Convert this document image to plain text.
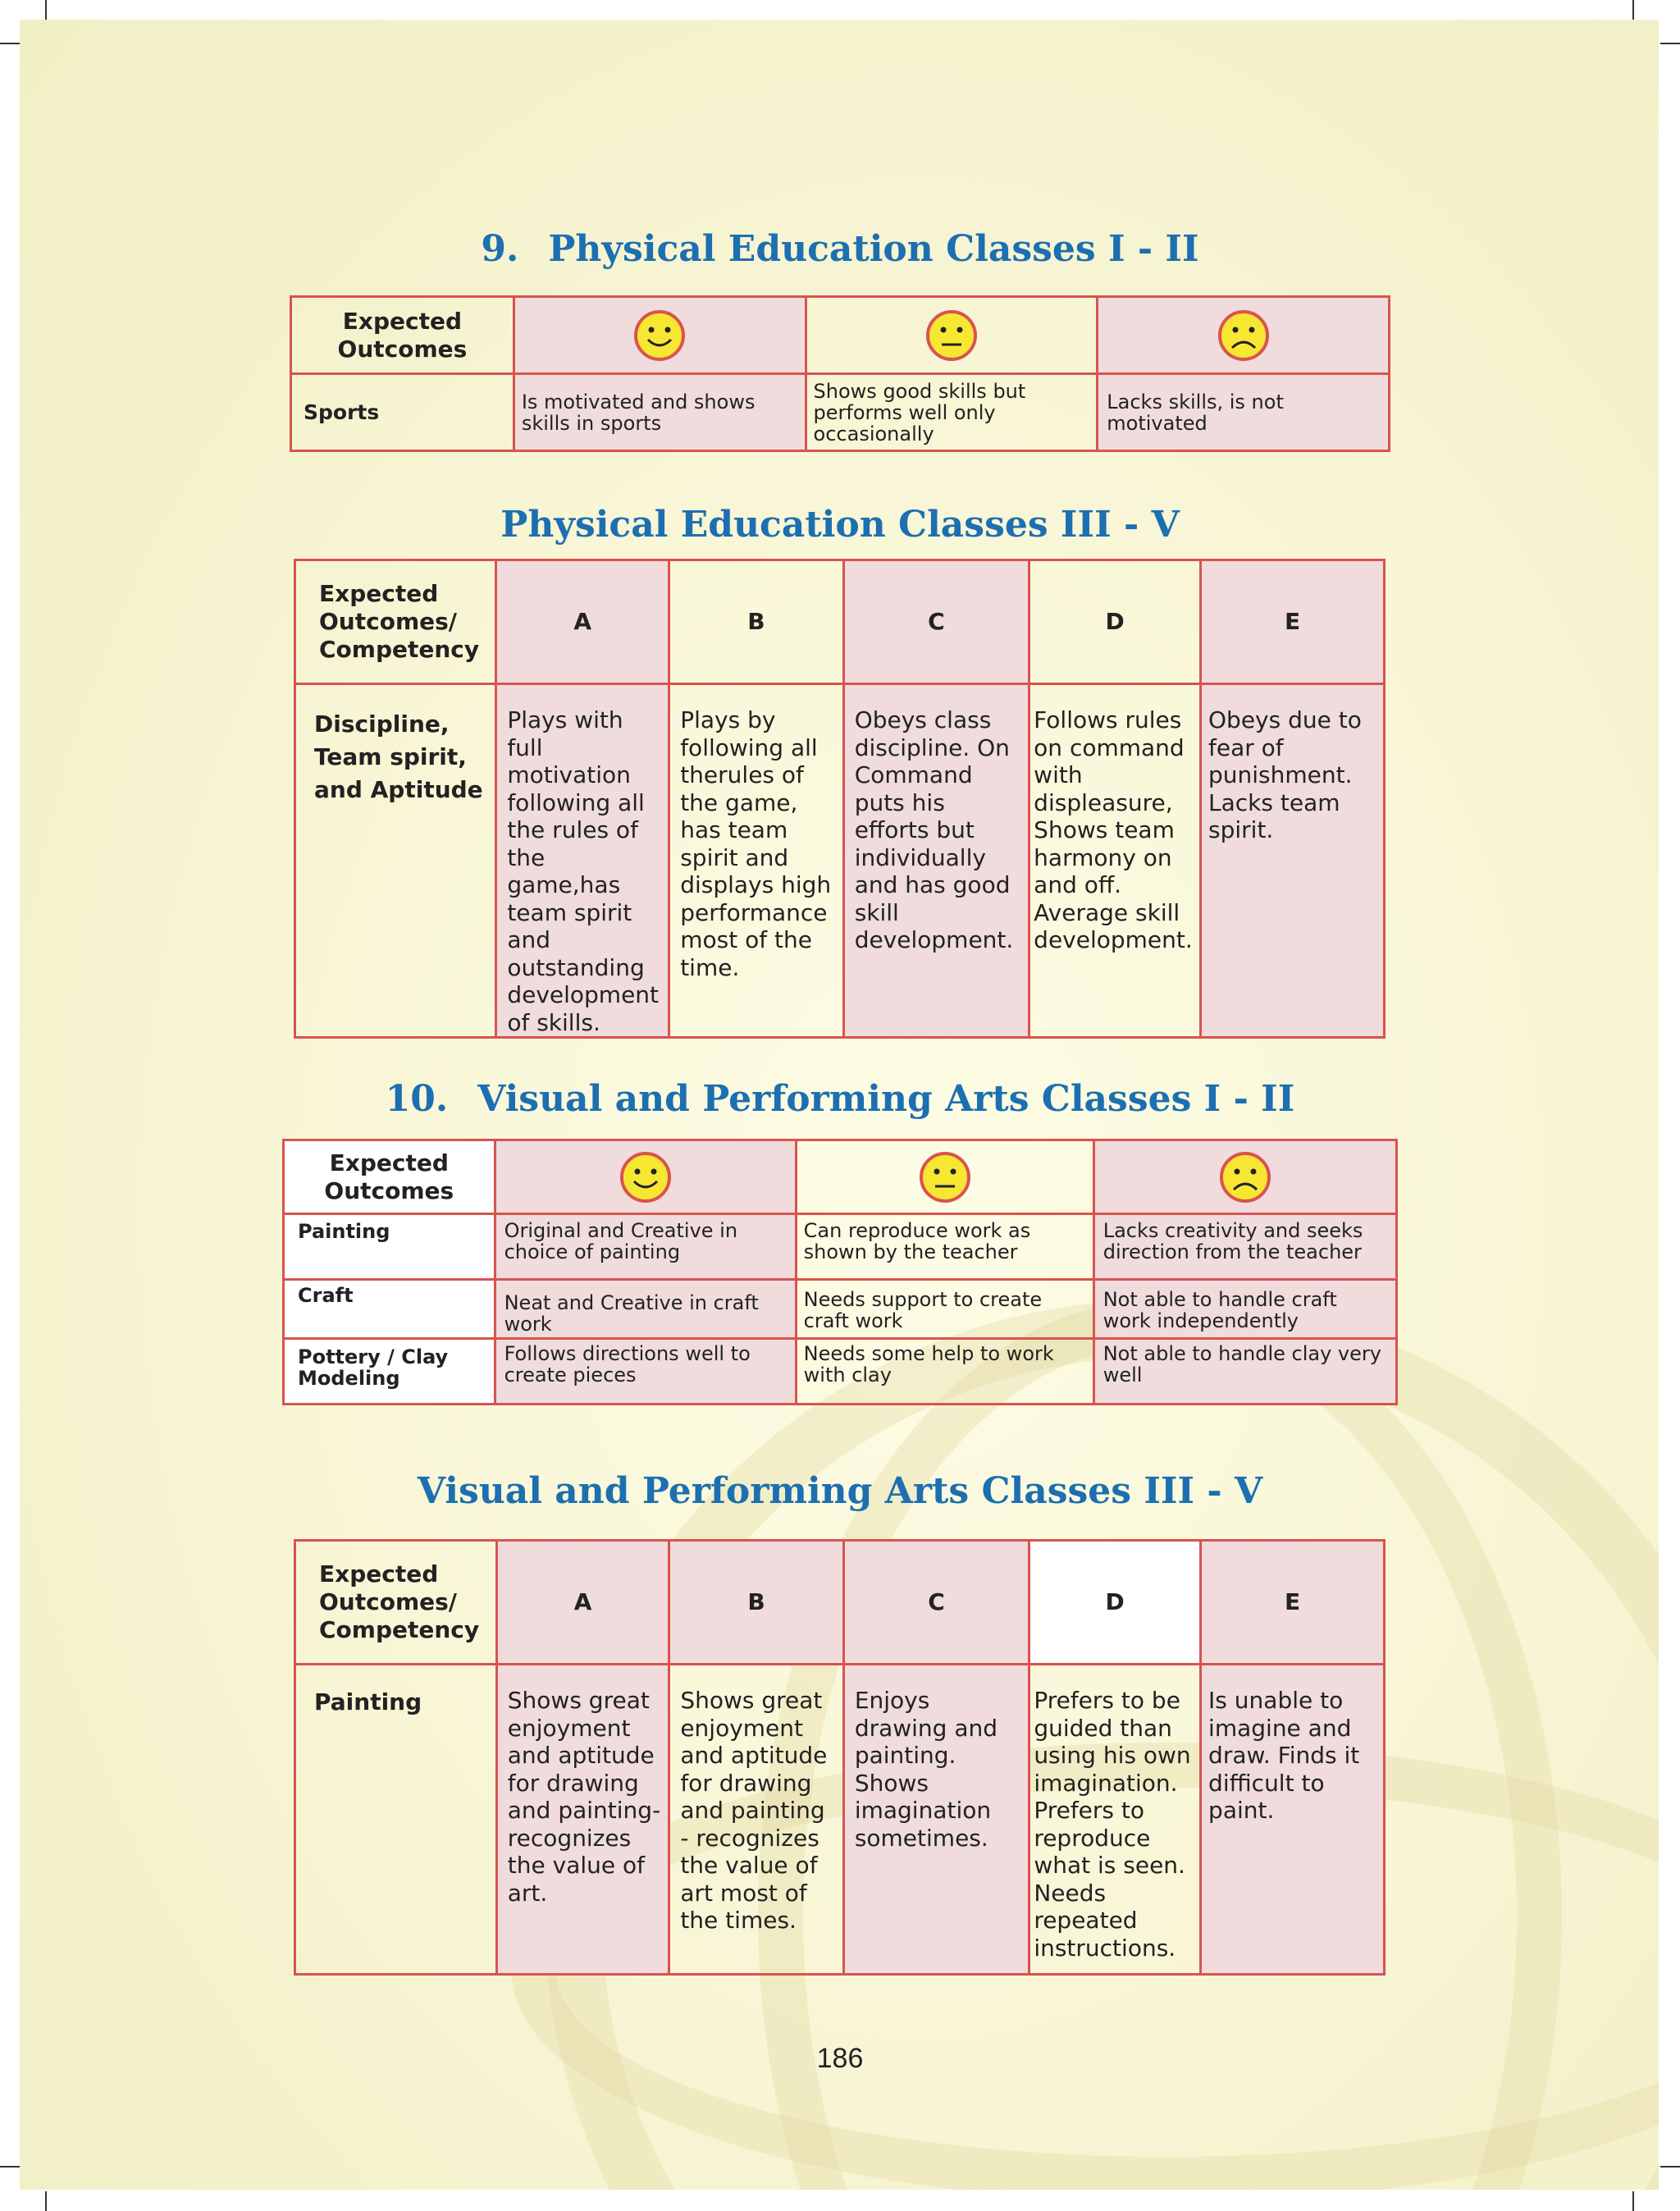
9. Physical Education Classes I - II
Expected Outcomes	

Sports	Is motivated and shows skills in sports	Shows good skills but performs well only occasionally	Lacks skills, is not motivated
Physical Education Classes III - V
Expected Outcomes/ Competency	A	B	C	D	E
Discipline, Team spirit, and Aptitude	Plays with full motivation following all the rules of the game,has team spirit and outstanding development of skills.	Plays by following all therules of the game, has team spirit and displays high performance most of the time.	Obeys class discipline. On Command puts his efforts but individually and has good skill development.	Follows rules on command with displeasure, Shows team harmony on and off. Average skill development.	Obeys due to fear of punishment. Lacks team spirit.
10. Visual and Performing Arts Classes I - II
Expected Outcomes	

Painting	Original and Creative in choice of painting	Can reproduce work as shown by the teacher	Lacks creativity and seeks direction from the teacher
Craft	Neat and Creative in craft work	Needs support to create craft work	Not able to handle craft work independently
Pottery / Clay Modeling	Follows directions well to create pieces	Needs some help to work with clay	Not able to handle clay very well
Visual and Performing Arts Classes III - V
Expected Outcomes/ Competency	A	B	C	D	E
Painting	Shows great enjoyment and aptitude for drawing and painting- recognizes the value of art.	Shows great enjoyment and aptitude for drawing and painting - recognizes the value of art most of the times.	Enjoys drawing and painting. Shows imagination sometimes.	Prefers to be guided than using his own imagination. Prefers to reproduce what is seen. Needs repeated instructions.	Is unable to imagine and draw. Finds it difficult to paint.
186
